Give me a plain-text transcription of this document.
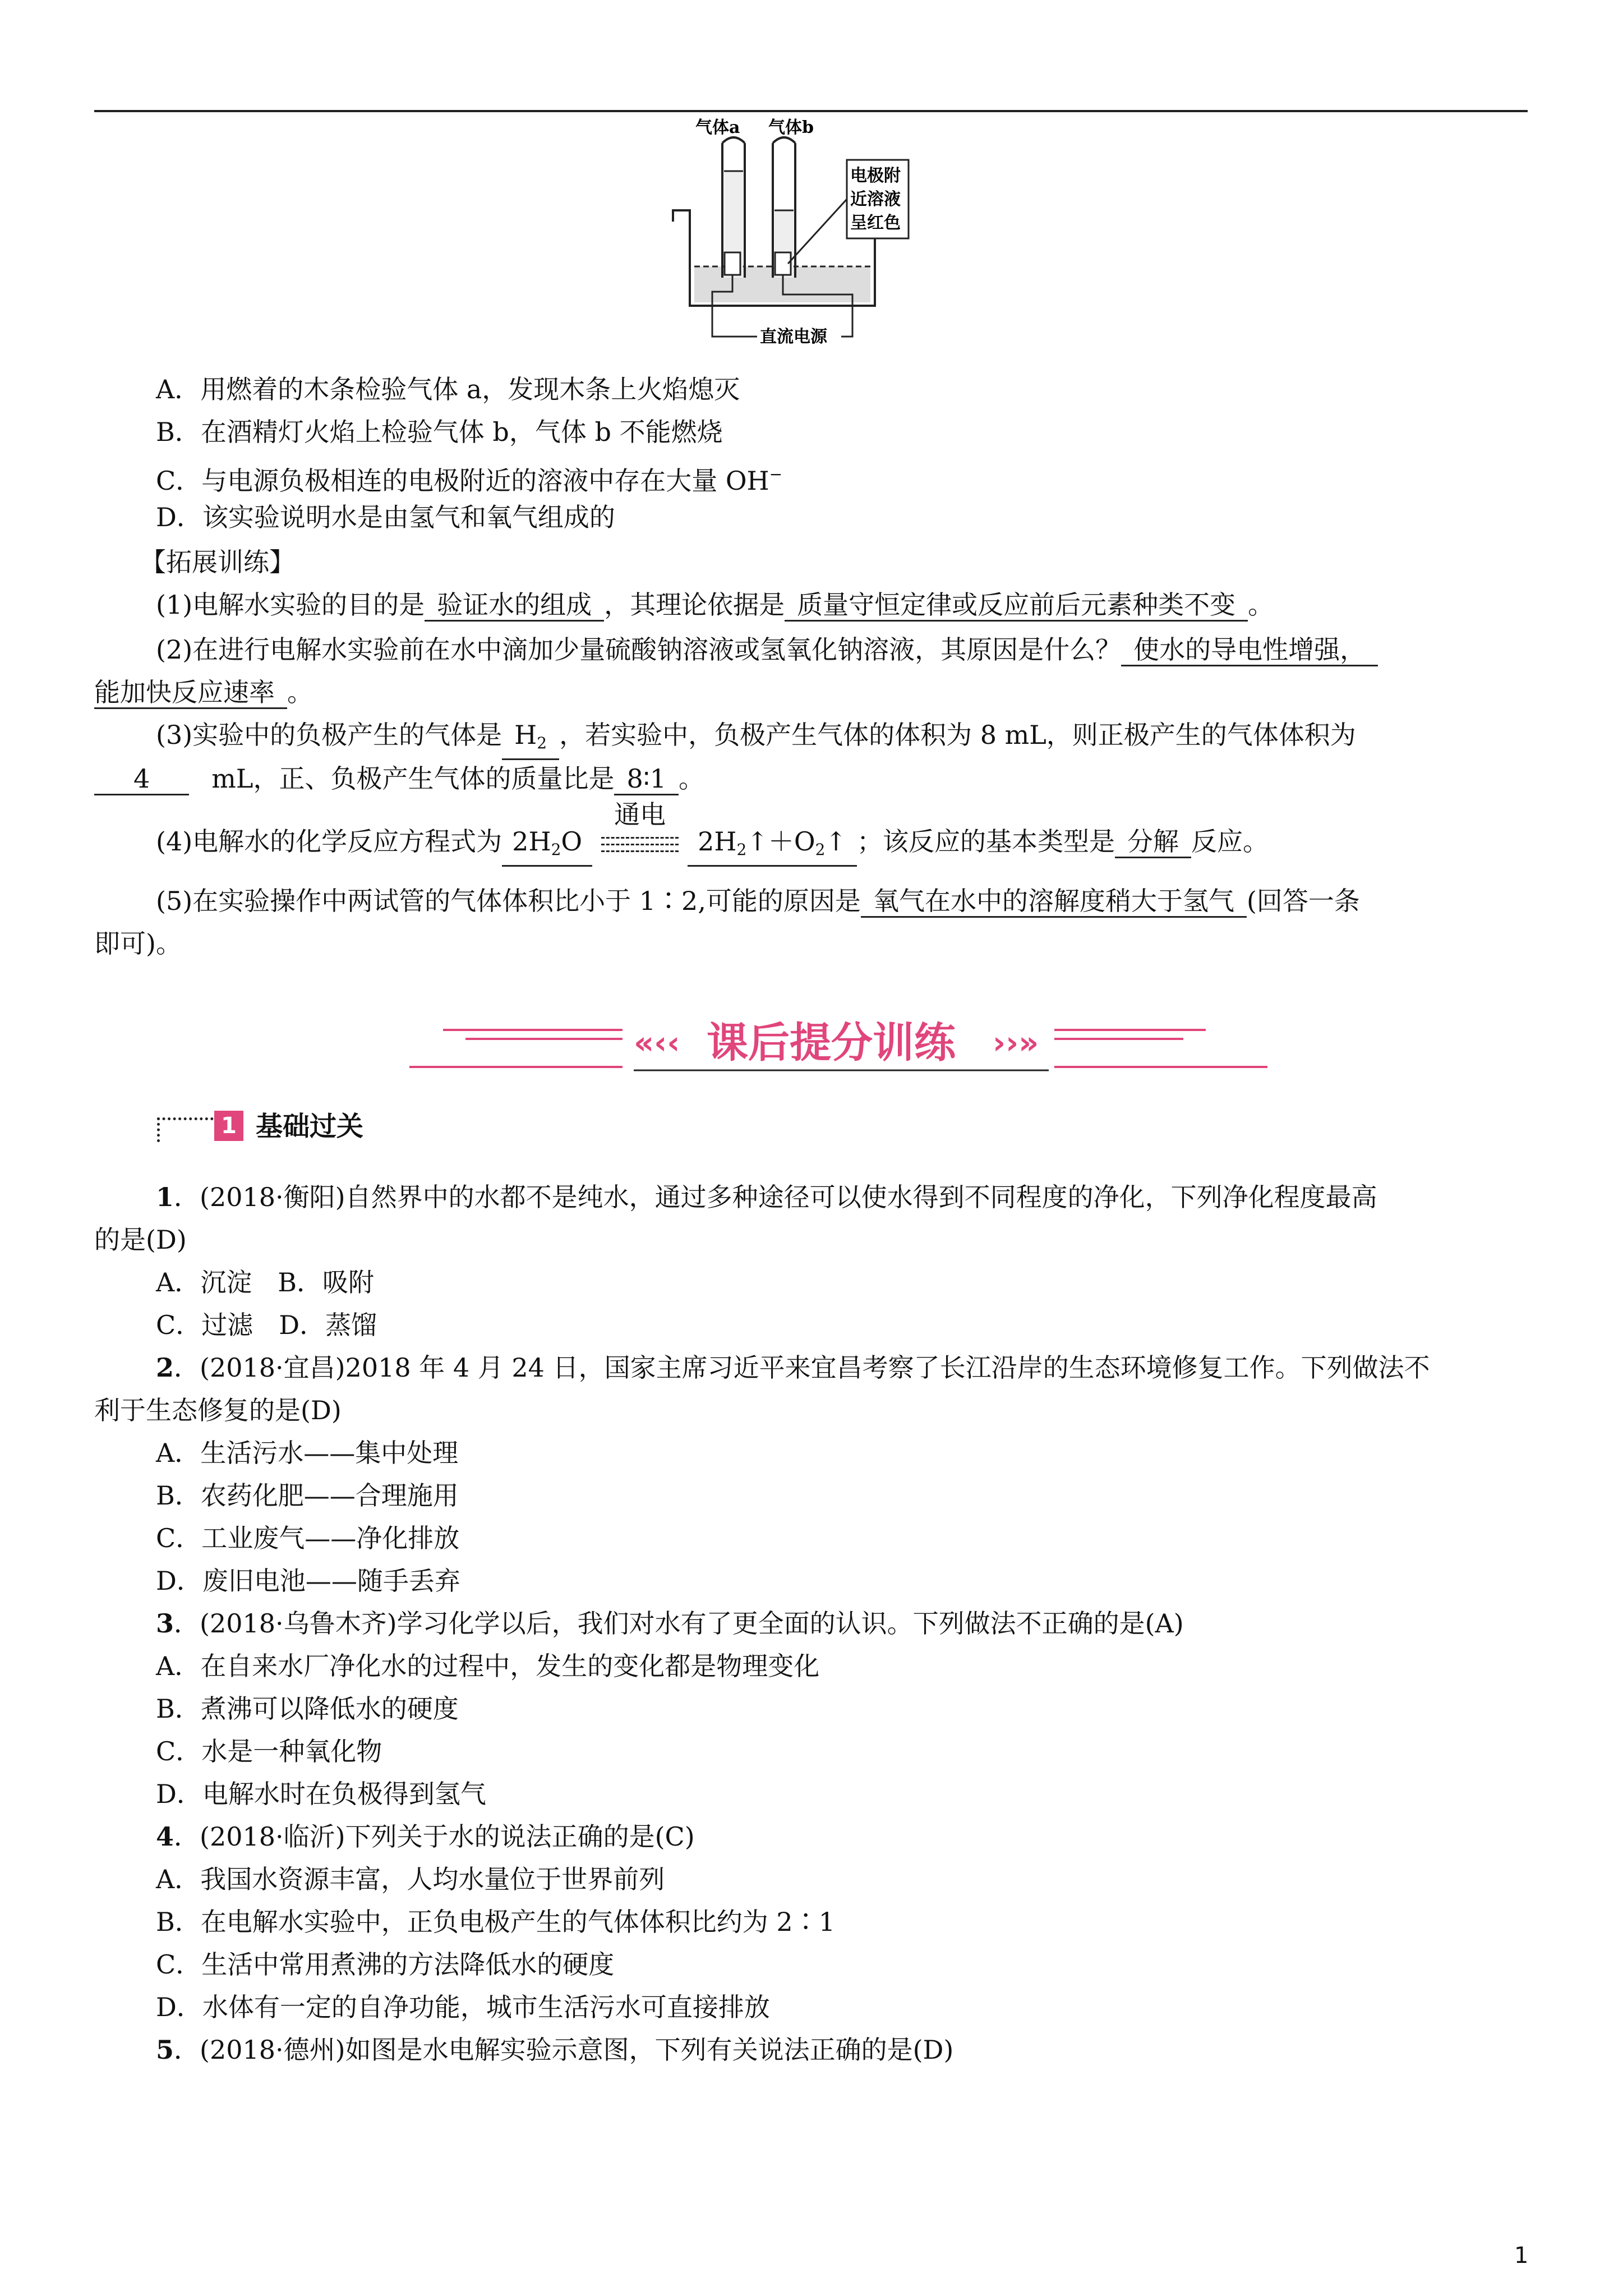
气体a 气体b
直流电源
电极附
近溶液
呈红色
A．用燃着的木条检验气体 a，发现木条上火焰熄灭
B．在酒精灯火焰上检验气体 b，气体 b 不能燃烧
C．与电源负极相连的电极附近的溶液中存在大量 OH−
D．该实验说明水是由氢气和氧气组成的
【拓展训练】
(1)电解水实验的目的是 验证水的组成 ，其理论依据是 质量守恒定律或反应前后元素种类不变 。
(2)在进行电解水实验前在水中滴加少量硫酸钠溶液或氢氧化钠溶液，其原因是什么？ 使水的导电性增强，
能加快反应速率 。
(3)实验中的负极产生的气体是 $H_2$ ，若实验中，负极产生气体的体积为 8 mL，则正极产生的气体体积为
4 mL，正、负极产生气体的质量比是 8∶1 。
(4)电解水的化学反应方程式为 $2H_2O$
通电
$2H_2↑+O_2↑$ ；该反应的基本类型是 分解 反应。
(5)在实验操作中两试管的气体体积比小于 1∶2,可能的原因是 氧气在水中的溶解度稍大于氢气 (回答一条
即可)。
«‹‹ 课后提分训练 ››»
1 基础过关
1．(2018·衡阳)自然界中的水都不是纯水，通过多种途径可以使水得到不同程度的净化，下列净化程度最高
的是(D)
A．沉淀　B．吸附
C．过滤　D．蒸馏
2．(2018·宜昌)2018 年 4 月 24 日，国家主席习近平来宜昌考察了长江沿岸的生态环境修复工作。下列做法不
利于生态修复的是(D)
A．生活污水——集中处理
B．农药化肥——合理施用
C．工业废气——净化排放
D．废旧电池——随手丢弃
3．(2018·乌鲁木齐)学习化学以后，我们对水有了更全面的认识。下列做法不正确的是(A)
A．在自来水厂净化水的过程中，发生的变化都是物理变化
B．煮沸可以降低水的硬度
C．水是一种氧化物
D．电解水时在负极得到氢气
4．(2018·临沂)下列关于水的说法正确的是(C)
A．我国水资源丰富，人均水量位于世界前列
B．在电解水实验中，正负电极产生的气体体积比约为 2∶1
C．生活中常用煮沸的方法降低水的硬度
D．水体有一定的自净功能，城市生活污水可直接排放
5．(2018·德州)如图是水电解实验示意图，下列有关说法正确的是(D)
1
